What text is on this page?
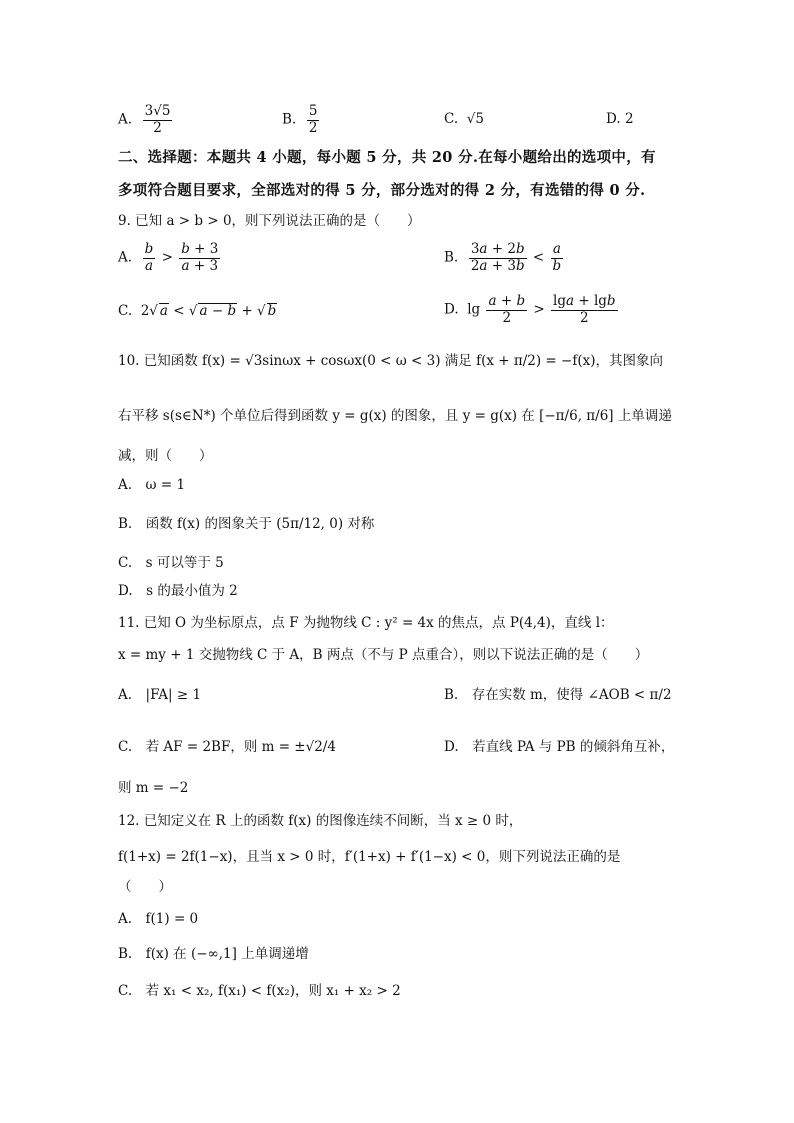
A. $\frac{3√5}{2}$	B. $\frac{5}{2}$	C. √5	D. 2
二、选择题：本题共 4 小题，每小题 5 分，共 20 分.在每小题给出的选项中，有
多项符合题目要求，全部选对的得 5 分，部分选对的得 2 分，有选错的得 0 分.
9. 已知 a > b > 0，则下列说法正确的是（　　）
A. $\frac{b}{a} > \frac{b + 3}{a + 3}$	B. $\frac{3a + 2b}{2a + 3b} < \frac{a}{b}$
C.  2√ a < √ a − b + √ b	D.  $\lg \frac{a + b}{2} > \frac{\lg a + \lg b}{2}$
10. 已知函数 f(x) = √3sinωx + cosωx(0 < ω < 3) 满足 f(x + π/2) = −f(x)，其图象向
右平移 s(s∈N*) 个单位后得到函数 y = g(x) 的图象，且 y = g(x) 在 [−π/6, π/6] 上单调递
减，则（　　）
A.　ω = 1
B.　函数 f(x) 的图象关于 (5π/12, 0) 对称
C.　s 可以等于 5
D.　s 的最小值为 2
11. 已知 O 为坐标原点，点 F 为抛物线 C : y² = 4x 的焦点，点 P(4,4)，直线 l：
x = my + 1 交抛物线 C 于 A，B 两点（不与 P 点重合），则以下说法正确的是（　　）
A.　|FA| ≥ 1	B.　存在实数 m，使得 ∠AOB < π/2
C.　若 AF = 2BF，则 m = ±√2/4	D.　若直线 PA 与 PB 的倾斜角互补，
则 m = −2
12. 已知定义在 R 上的函数 f(x) 的图像连续不间断，当 x ≥ 0 时，
f(1+x) = 2f(1−x)，且当 x > 0 时，f′(1+x) + f′(1−x) < 0，则下列说法正确的是
（　　）
A.　f(1) = 0
B.　f(x) 在 (−∞,1] 上单调递增
C.　若 x₁ < x₂, f(x₁) < f(x₂)，则 x₁ + x₂ > 2
